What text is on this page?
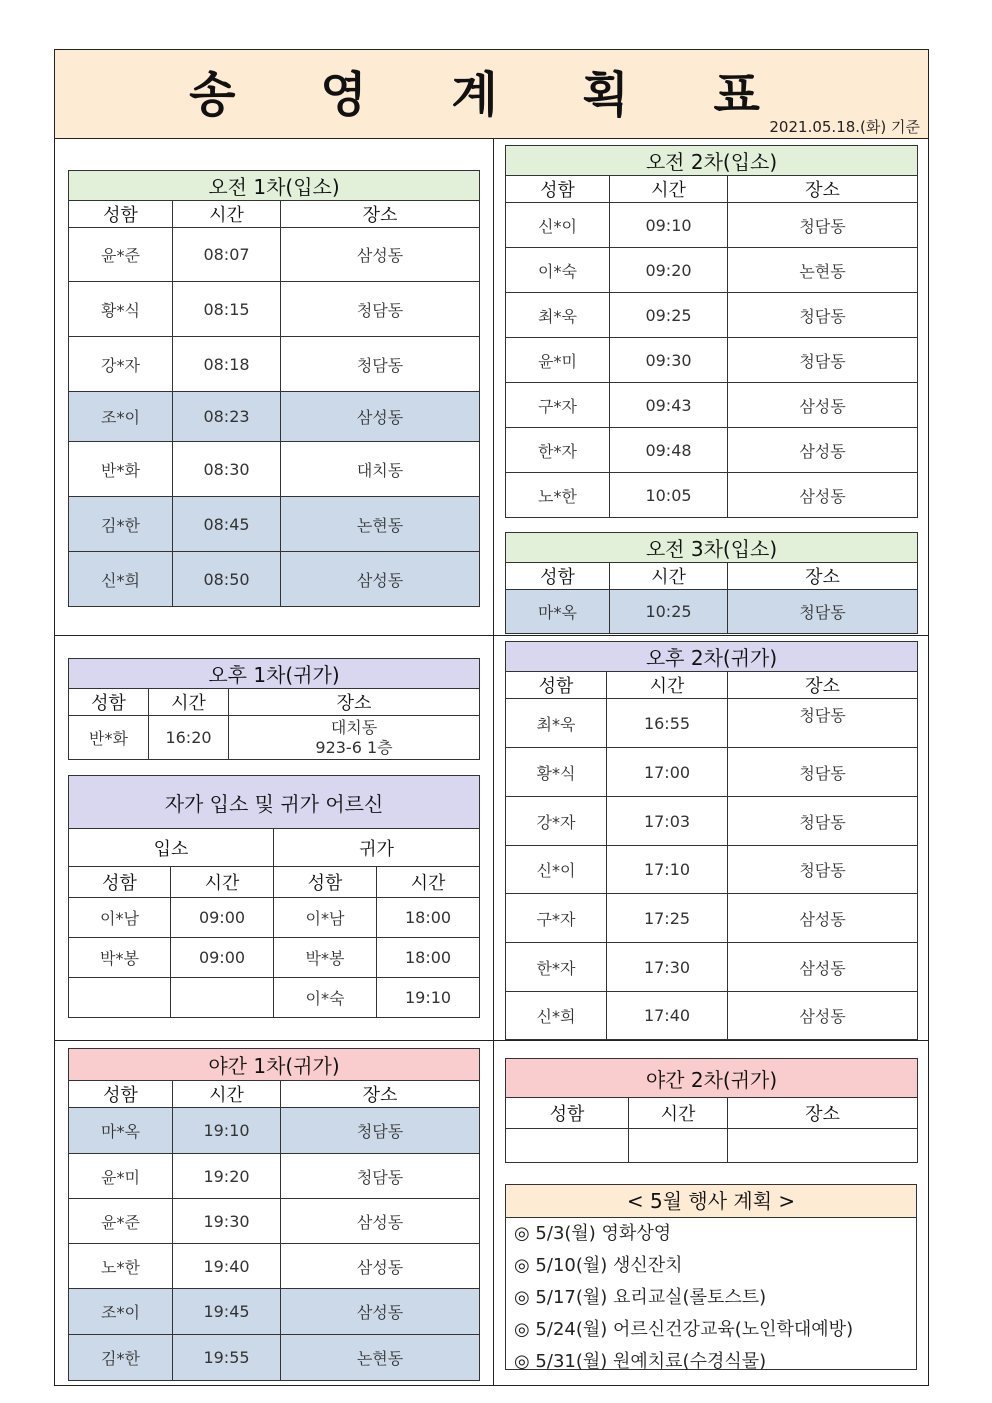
송 영 계 획 표
2021.05.18.(화) 기준
오전 1차(입소)		
성함	시간	장소
윤*준	08:07	삼성동
황*식	08:15	청담동
강*자	08:18	청담동
조*이	08:23	삼성동
반*화	08:30	대치동
김*한	08:45	논현동
신*희	08:50	삼성동
오전 2차(입소)		
성함	시간	장소
신*이	09:10	청담동
이*숙	09:20	논현동
최*욱	09:25	청담동
윤*미	09:30	청담동
구*자	09:43	삼성동
한*자	09:48	삼성동
노*한	10:05	삼성동
오전 3차(입소)		
성함	시간	장소
마*옥	10:25	청담동
오후 1차(귀가)		
성함	시간	장소
반*화	16:20	대치동
923-6 1층
자가 입소 및 귀가 어르신			
입소		귀가	
성함	시간	성함	시간
이*남	09:00	이*남	18:00
박*봉	09:00	박*봉	18:00
		이*숙	19:10
오후 2차(귀가)		
성함	시간	장소
최*욱	16:55	청담동
황*식	17:00	청담동
강*자	17:03	청담동
신*이	17:10	청담동
구*자	17:25	삼성동
한*자	17:30	삼성동
신*희	17:40	삼성동
야간 1차(귀가)		
성함	시간	장소
마*옥	19:10	청담동
윤*미	19:20	청담동
윤*준	19:30	삼성동
노*한	19:40	삼성동
조*이	19:45	삼성동
김*한	19:55	논현동
야간 2차(귀가)		
성함	시간	장소

< 5월 행사 계획 >
◎ 5/3(월) 영화상영
◎ 5/10(월) 생신잔치
◎ 5/17(월) 요리교실(롤토스트)
◎ 5/24(월) 어르신건강교육(노인학대예방)
◎ 5/31(월) 원예치료(수경식물)
